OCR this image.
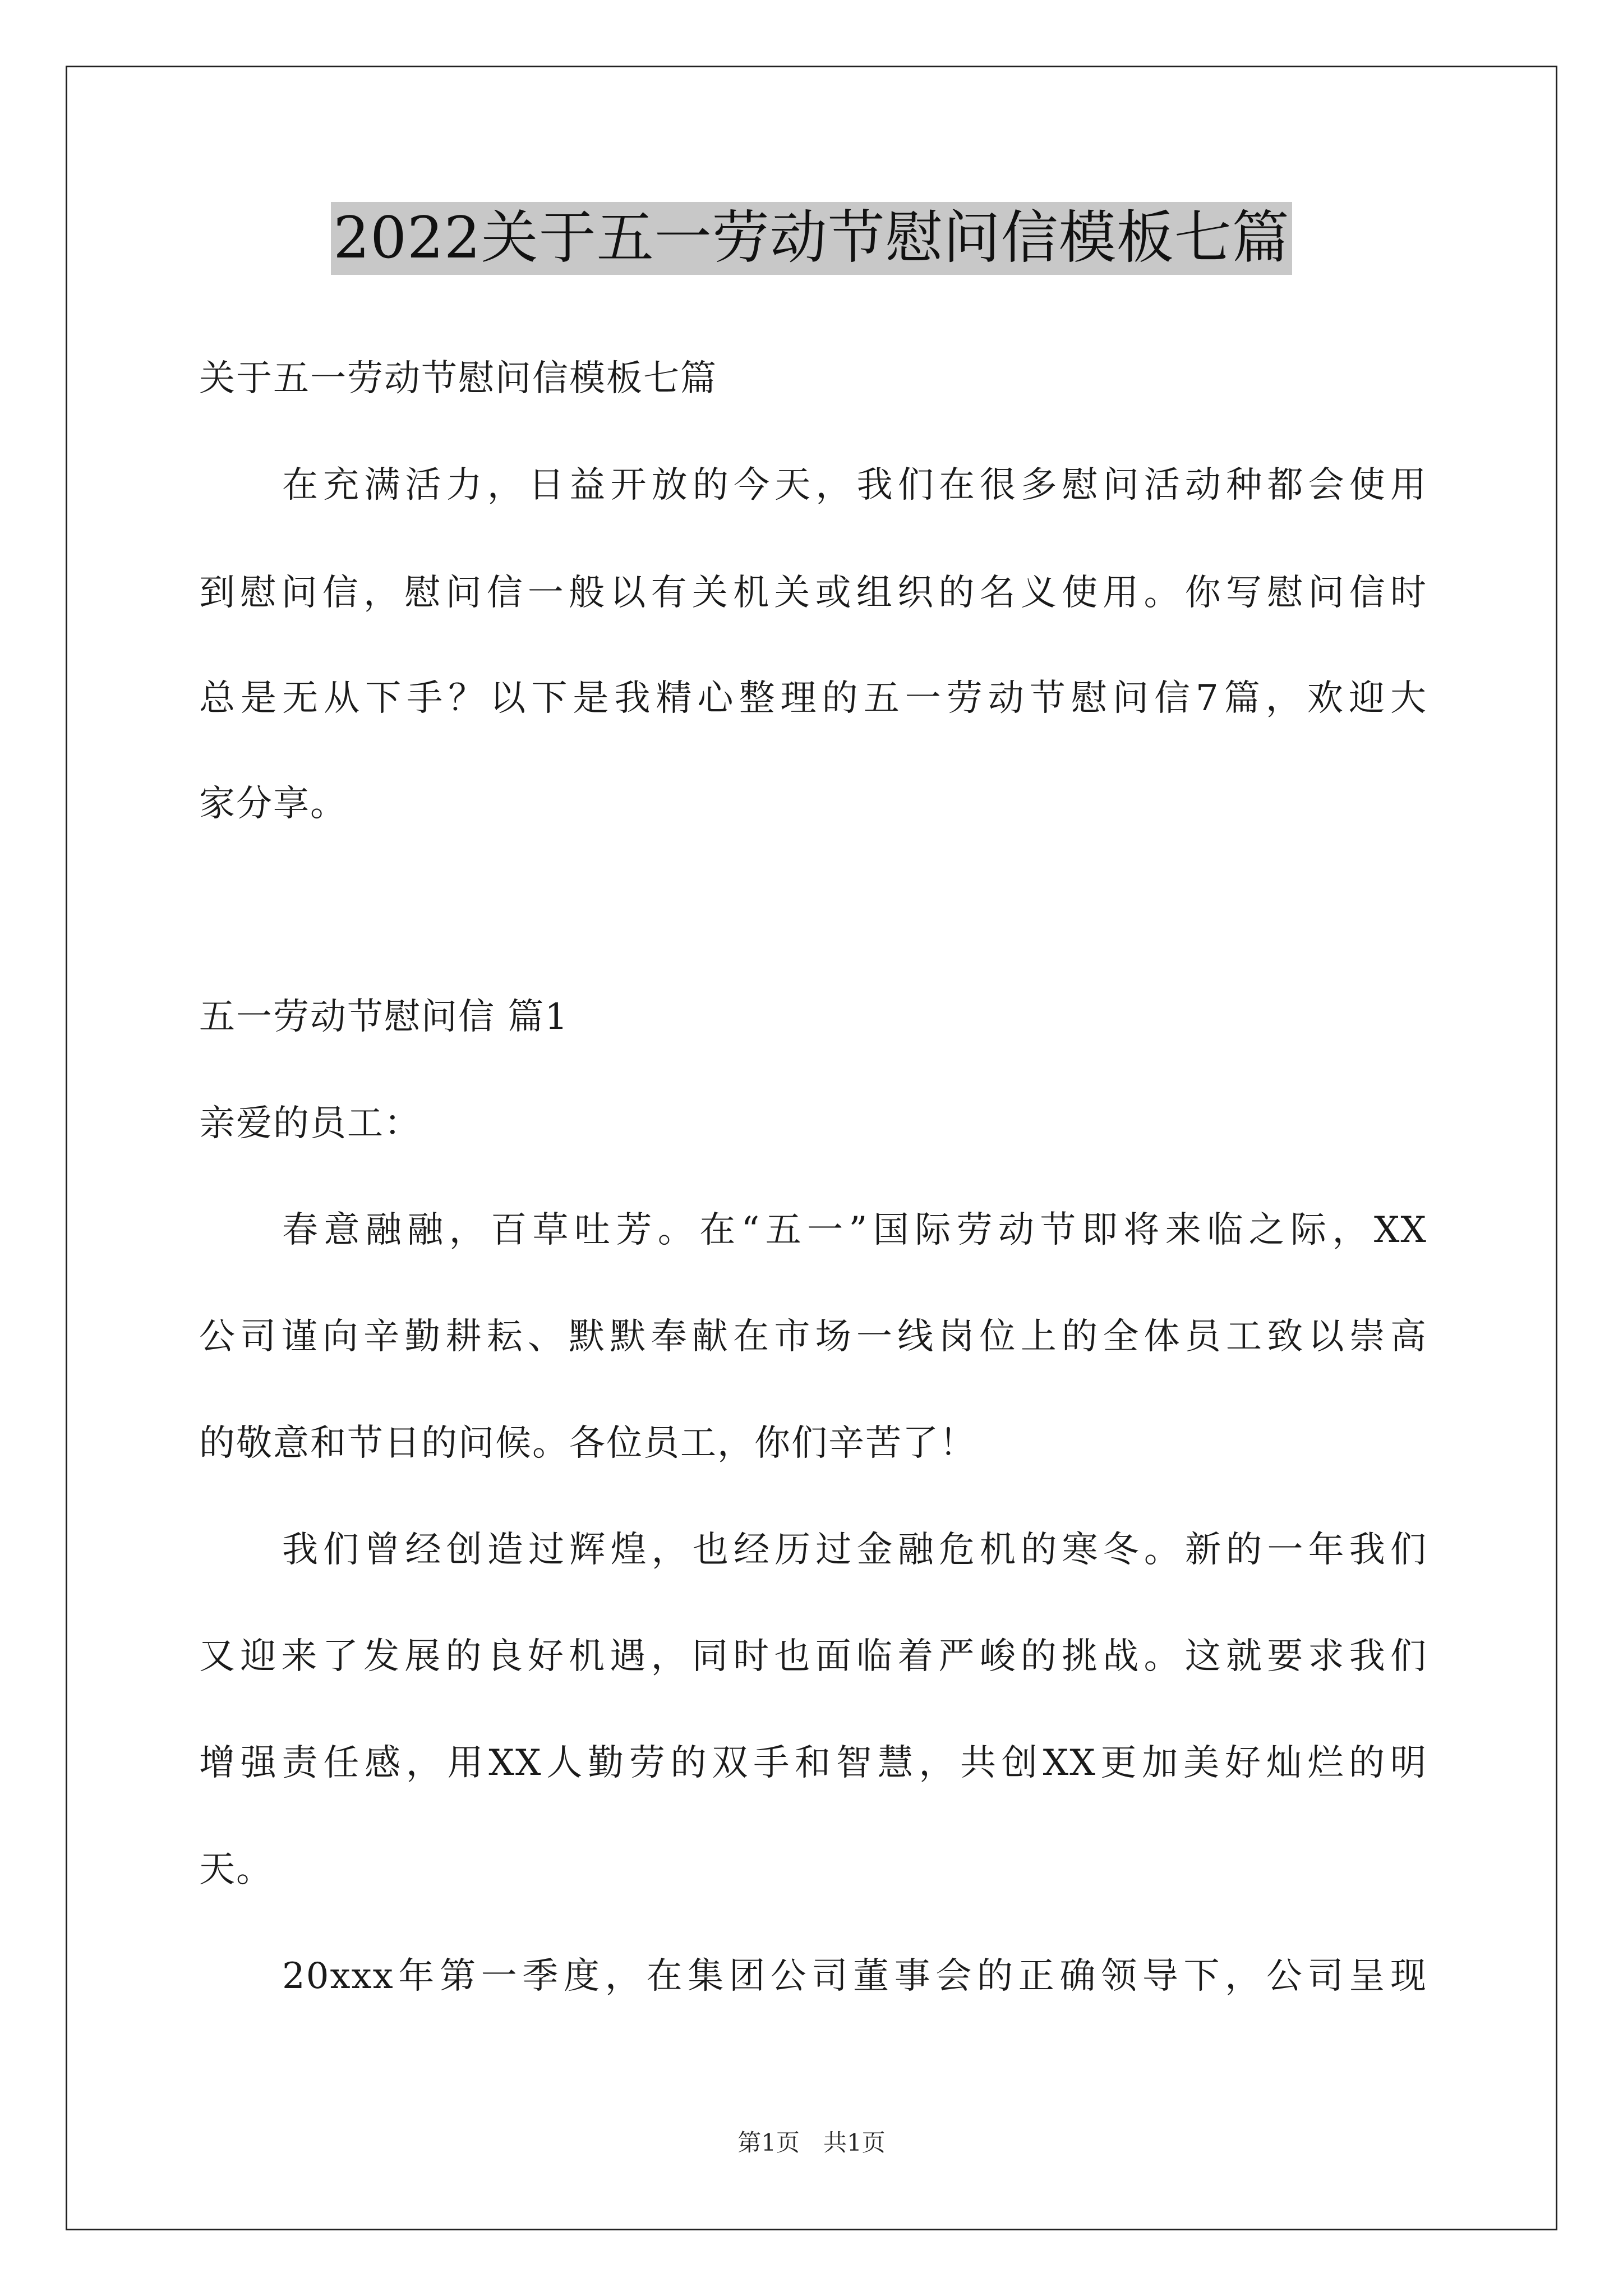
2022关于五一劳动节慰问信模板七篇
关于五一劳动节慰问信模板七篇
在充满活力，日益开放的今天，我们在很多慰问活动种都会使用
到慰问信，慰问信一般以有关机关或组织的名义使用。你写慰问信时
总是无从下手？以下是我精心整理的五一劳动节慰问信7篇，欢迎大
家分享。
五一劳动节慰问信 篇1
亲爱的员工：
春意融融，百草吐芳。在“五一”国际劳动节即将来临之际，XX
公司谨向辛勤耕耘、默默奉献在市场一线岗位上的全体员工致以崇高
的敬意和节日的问候。各位员工，你们辛苦了！
我们曾经创造过辉煌，也经历过金融危机的寒冬。新的一年我们
又迎来了发展的良好机遇，同时也面临着严峻的挑战。这就要求我们
增强责任感，用XX人勤劳的双手和智慧，共创XX更加美好灿烂的明
天。
20xxx年第一季度，在集团公司董事会的正确领导下，公司呈现
第1页　共1页
